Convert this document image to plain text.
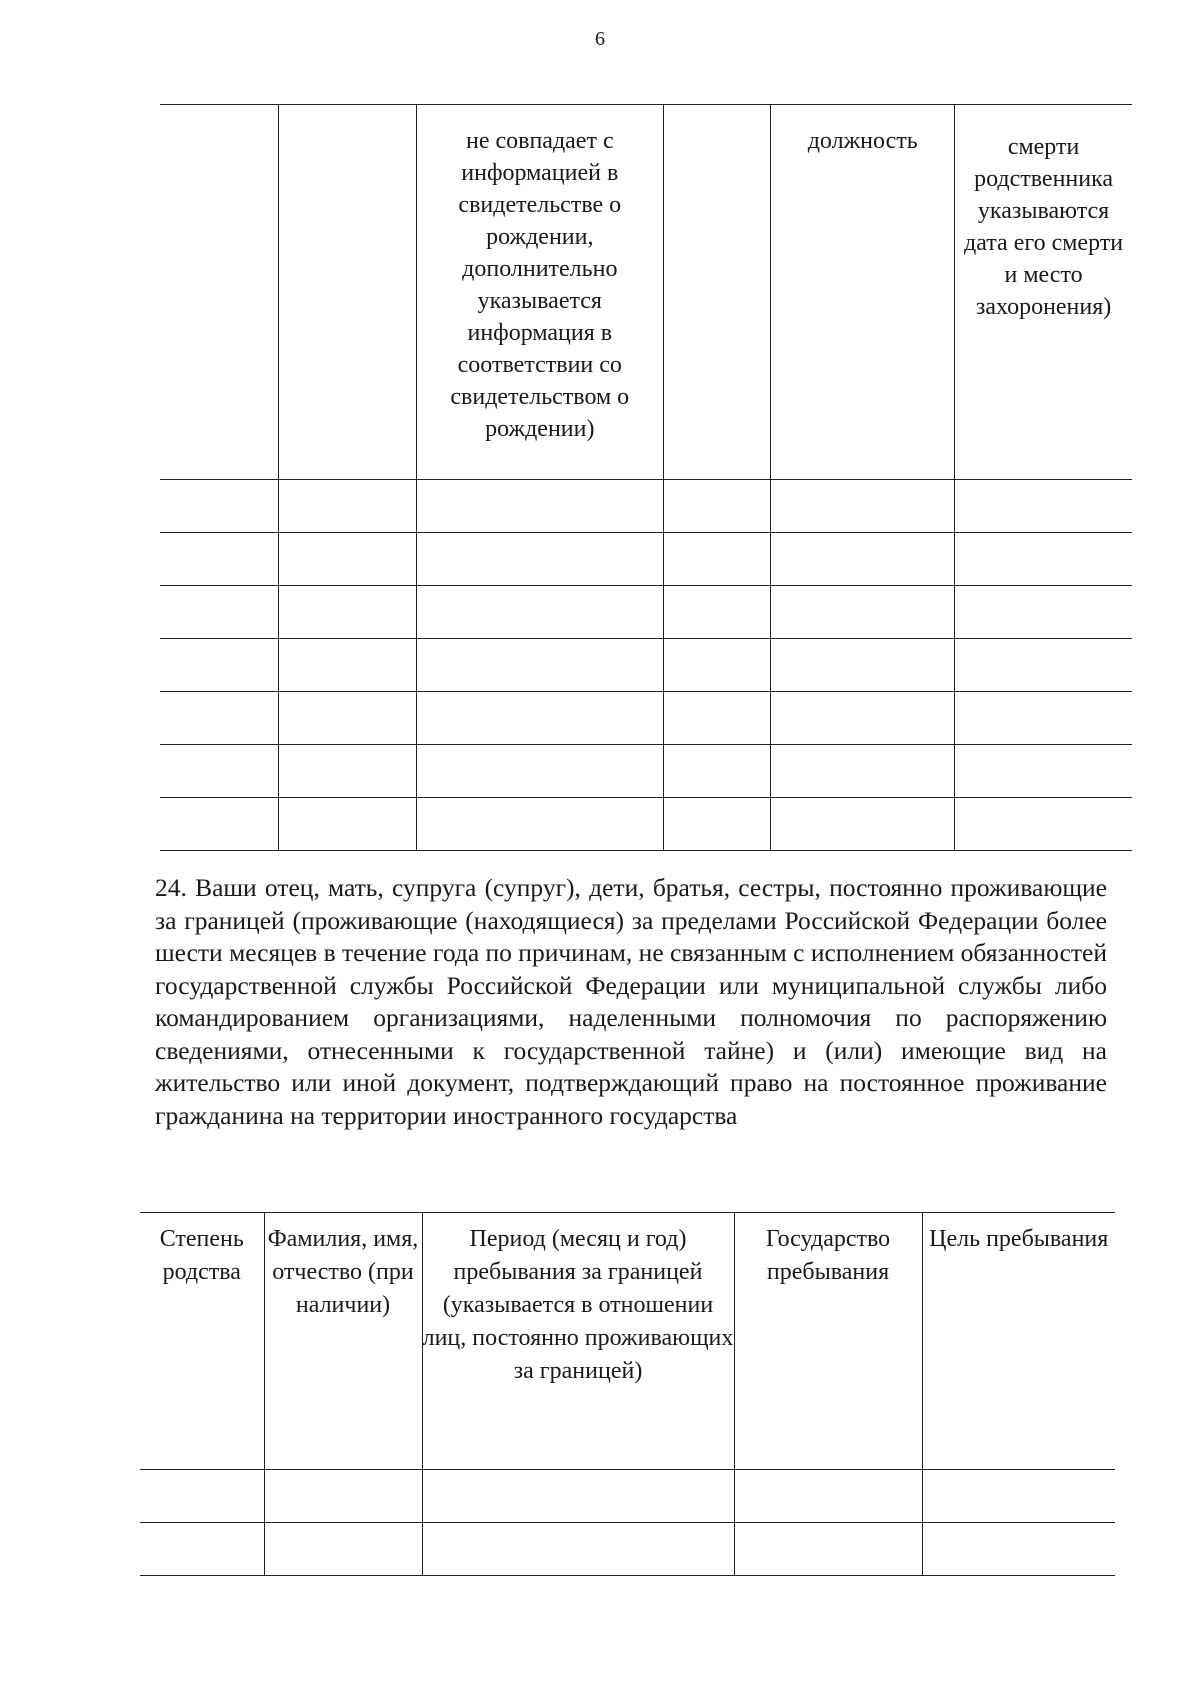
6

		не совпадает с информацией в свидетельстве о рождении, дополнительно указывается информация в соответствии со свидетельством о рождении)		должность	смерти родственника указываются дата его смерти и место захоронения)

24. Ваши отец, мать, супруга (супруг), дети, братья, сестры, постоянно проживающие за границей (проживающие (находящиеся) за пределами Российской Федерации более шести месяцев в течение года по причинам, не связанным с исполнением обязанностей государственной службы Российской Федерации или муниципальной службы либо командированием организациями, наделенными полномочия по распоряжению сведениями, отнесенными к государственной тайне) и (или) имеющие вид на жительство или иной документ, подтверждающий право на постоянное проживание гражданина на территории иностранного государства

Степень родства	Фамилия, имя, отчество (при наличии)	Период (месяц и год) пребывания за границей (указывается в отношении лиц, постоянно проживающих за границей)	Государство пребывания	Цель пребывания
